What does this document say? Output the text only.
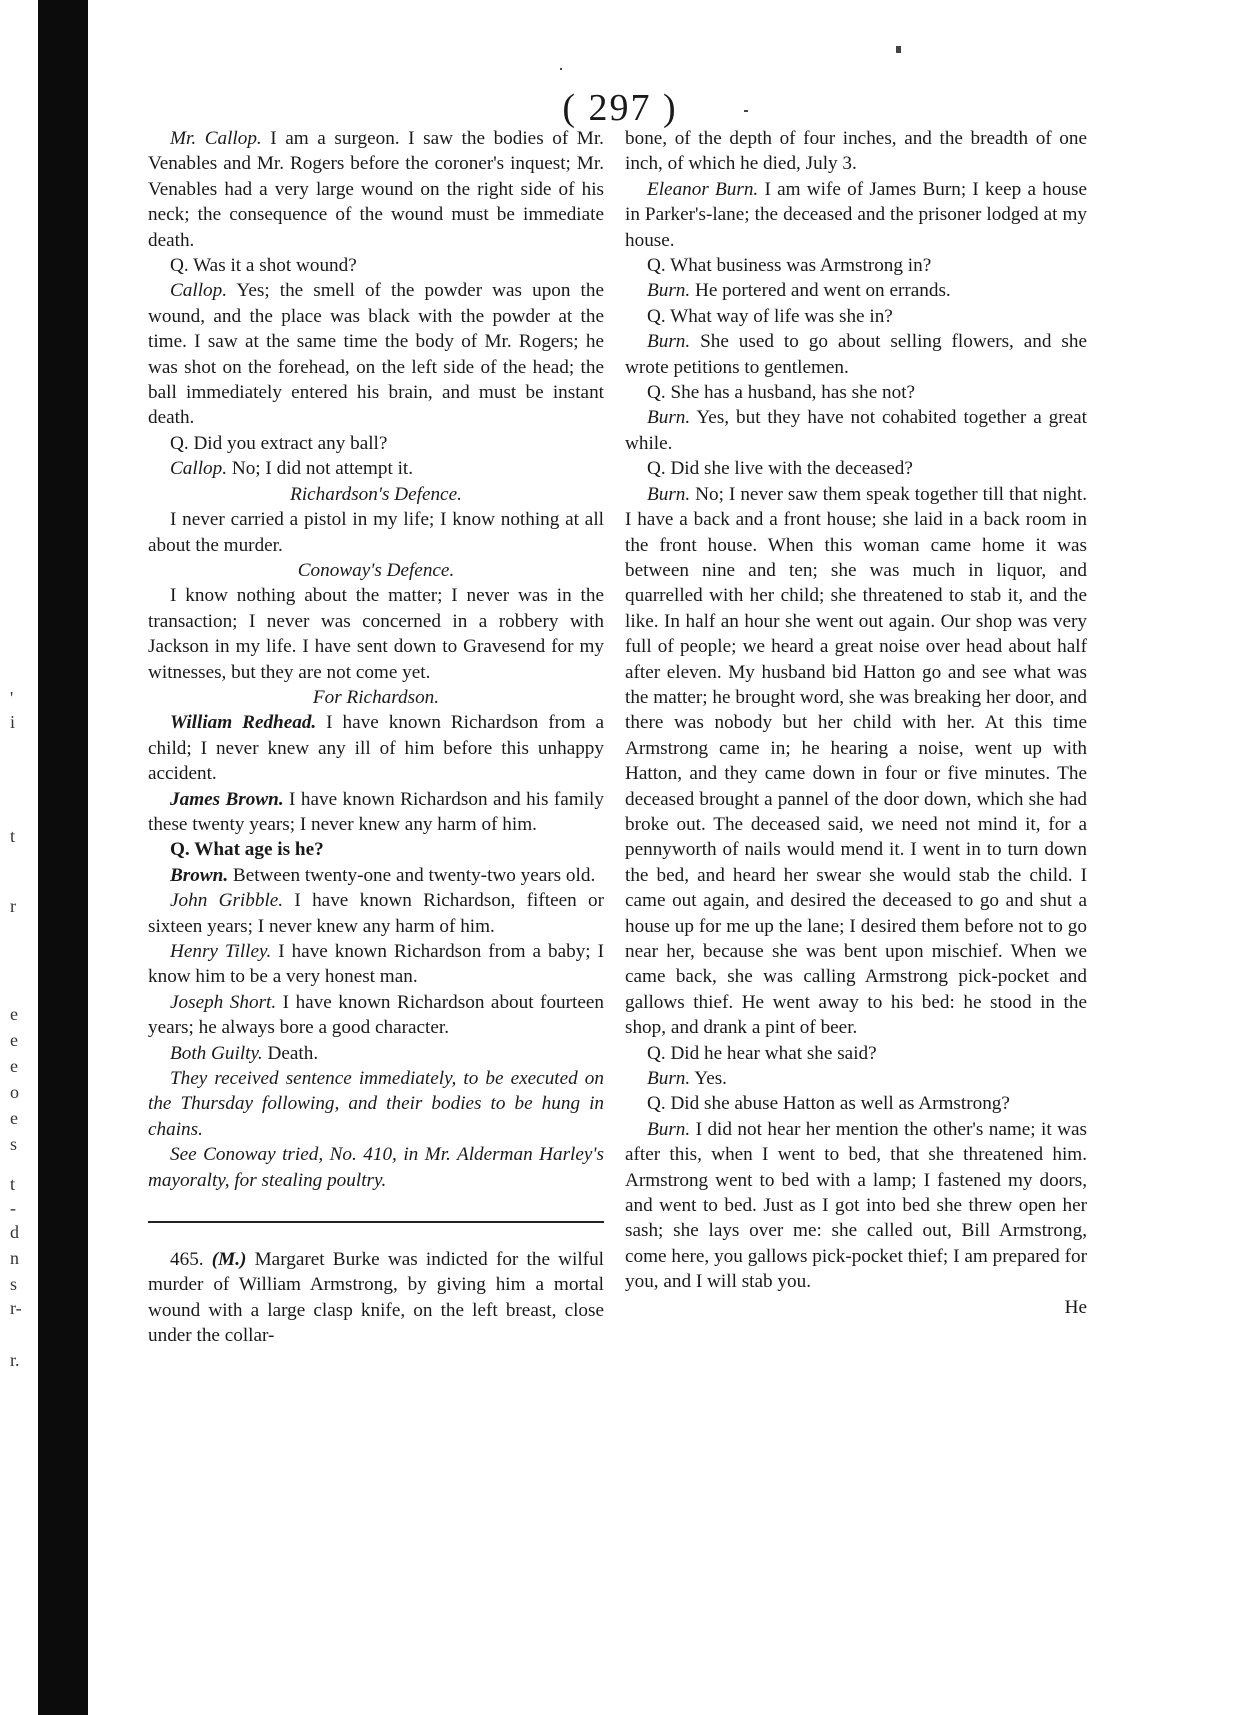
'
i
t
r
e
e
e
o
e
s
t
-
d
n
s
r-
r.
( 297 )

Mr. Callop. I am a surgeon. I saw the bodies of Mr. Venables and Mr. Rogers before the coroner's inquest; Mr. Venables had a very large wound on the right side of his neck; the consequence of the wound must be immediate death.

Q. Was it a shot wound?

Callop. Yes; the smell of the powder was upon the wound, and the place was black with the powder at the time. I saw at the same time the body of Mr. Rogers; he was shot on the forehead, on the left side of the head; the ball immediately entered his brain, and must be instant death.

Q. Did you extract any ball?

Callop. No; I did not attempt it.

Richardson's Defence.

I never carried a pistol in my life; I know nothing at all about the murder.

Conoway's Defence.

I know nothing about the matter; I never was in the transaction; I never was concerned in a robbery with Jackson in my life. I have sent down to Gravesend for my witnesses, but they are not come yet.

For Richardson.

William Redhead. I have known Richardson from a child; I never knew any ill of him before this unhappy accident.

James Brown. I have known Richardson and his family these twenty years; I never knew any harm of him.

Q. What age is he?

Brown. Between twenty-one and twenty-two years old.

John Gribble. I have known Richardson, fifteen or sixteen years; I never knew any harm of him.

Henry Tilley. I have known Richardson from a baby; I know him to be a very honest man.

Joseph Short. I have known Richardson about fourteen years; he always bore a good character.

Both Guilty. Death.

They received sentence immediately, to be executed on the Thursday following, and their bodies to be hung in chains.

See Conoway tried, No. 410, in Mr. Alderman Harley's mayoralty, for stealing poultry.

465. (M.) Margaret Burke was indicted for the wilful murder of William Armstrong, by giving him a mortal wound with a large clasp knife, on the left breast, close under the collar-

bone, of the depth of four inches, and the breadth of one inch, of which he died, July 3.

Eleanor Burn. I am wife of James Burn; I keep a house in Parker's-lane; the deceased and the prisoner lodged at my house.

Q. What business was Armstrong in?

Burn. He portered and went on errands.

Q. What way of life was she in?

Burn. She used to go about selling flowers, and she wrote petitions to gentlemen.

Q. She has a husband, has she not?

Burn. Yes, but they have not cohabited together a great while.

Q. Did she live with the deceased?

Burn. No; I never saw them speak together till that night. I have a back and a front house; she laid in a back room in the front house. When this woman came home it was between nine and ten; she was much in liquor, and quarrelled with her child; she threatened to stab it, and the like. In half an hour she went out again. Our shop was very full of people; we heard a great noise over head about half after eleven. My husband bid Hatton go and see what was the matter; he brought word, she was breaking her door, and there was nobody but her child with her. At this time Armstrong came in; he hearing a noise, went up with Hatton, and they came down in four or five minutes. The deceased brought a pannel of the door down, which she had broke out. The deceased said, we need not mind it, for a pennyworth of nails would mend it. I went in to turn down the bed, and heard her swear she would stab the child. I came out again, and desired the deceased to go and shut a house up for me up the lane; I desired them before not to go near her, because she was bent upon mischief. When we came back, she was calling Armstrong pick-pocket and gallows thief. He went away to his bed: he stood in the shop, and drank a pint of beer.

Q. Did he hear what she said?

Burn. Yes.

Q. Did she abuse Hatton as well as Armstrong?

Burn. I did not hear her mention the other's name; it was after this, when I went to bed, that she threatened him. Armstrong went to bed with a lamp; I fastened my doors, and went to bed. Just as I got into bed she threw open her sash; she lays over me: she called out, Bill Armstrong, come here, you gallows pick-pocket thief; I am prepared for you, and I will stab you.

He
